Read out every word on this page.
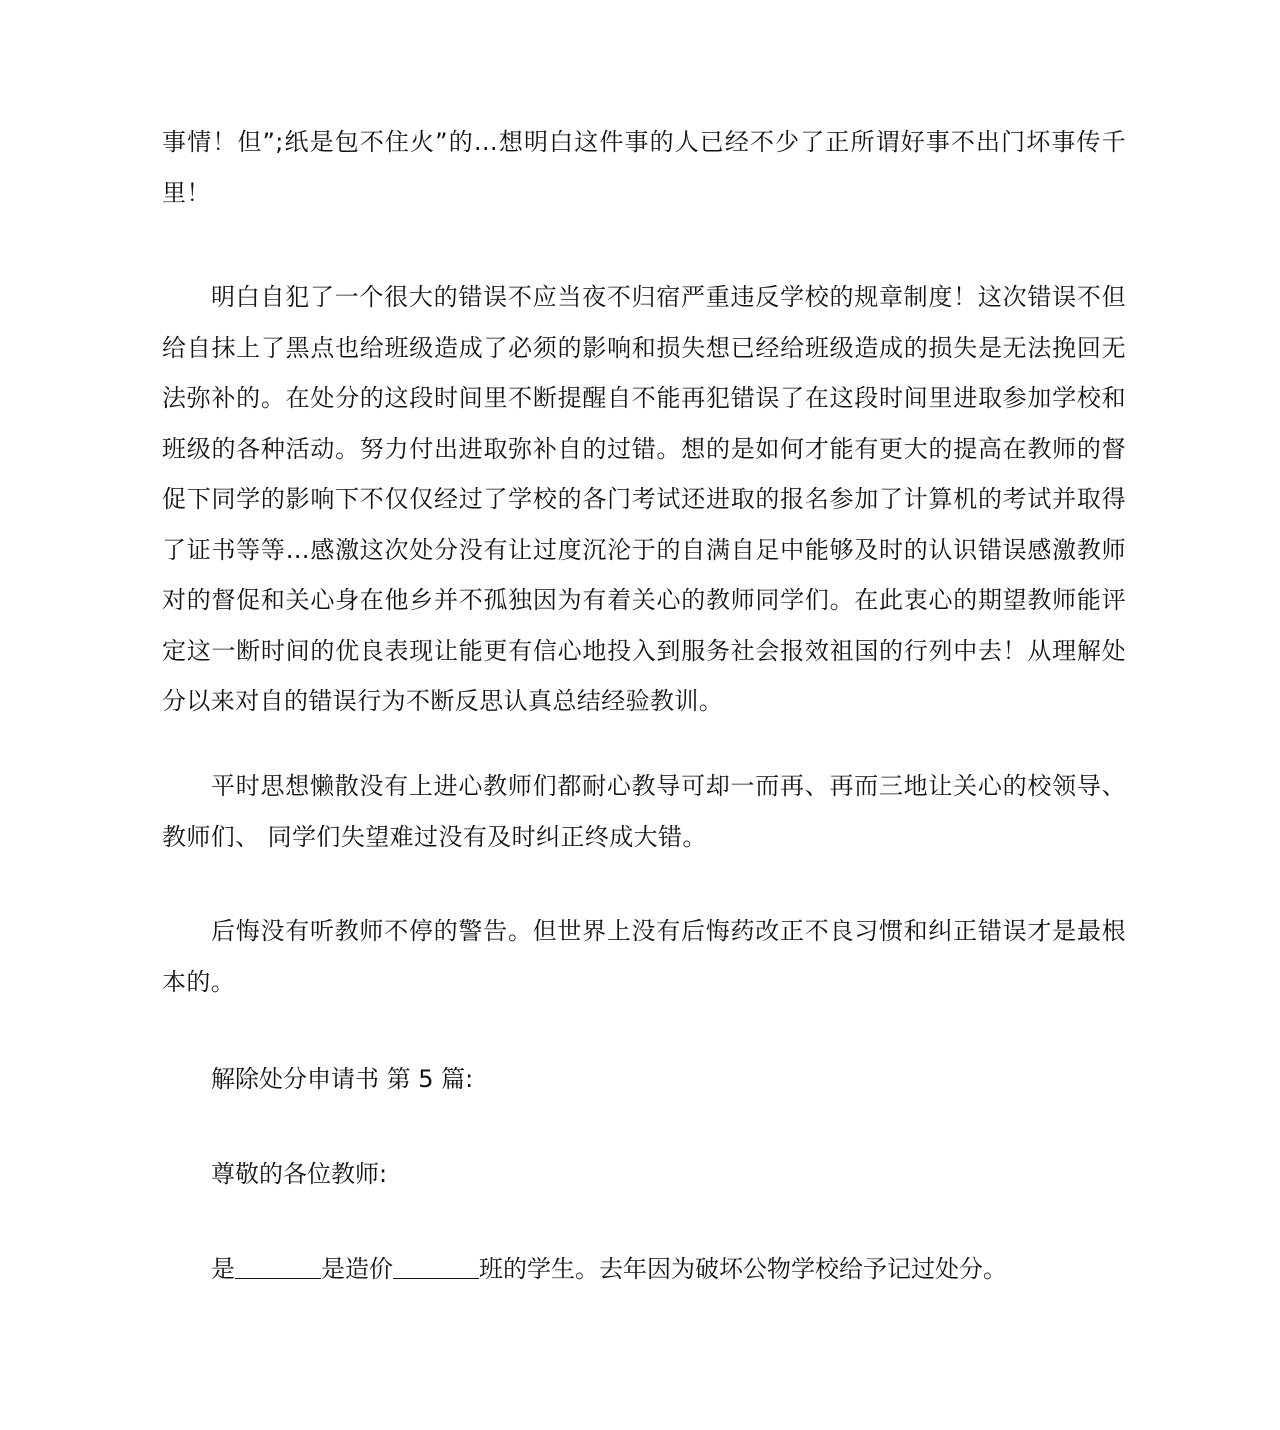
事情！但”;纸是包不住火”的…想明白这件事的人已经不少了正所谓好事不出门坏事传千里！

明白自犯了一个很大的错误不应当夜不归宿严重违反学校的规章制度！这次错误不但给自抹上了黑点也给班级造成了必须的影响和损失想已经给班级造成的损失是无法挽回无法弥补的。在处分的这段时间里不断提醒自不能再犯错误了在这段时间里进取参加学校和班级的各种活动。努力付出进取弥补自的过错。想的是如何才能有更大的提高在教师的督促下同学的影响下不仅仅经过了学校的各门考试还进取的报名参加了计算机的考试并取得了证书等等…感激这次处分没有让过度沉沦于的自满自足中能够及时的认识错误感激教师对的督促和关心身在他乡并不孤独因为有着关心的教师同学们。在此衷心的期望教师能评定这一断时间的优良表现让能更有信心地投入到服务社会报效祖国的行列中去！从理解处分以来对自的错误行为不断反思认真总结经验教训。

平时思想懒散没有上进心教师们都耐心教导可却一而再、再而三地让关心的校领导、教师们、 同学们失望难过没有及时纠正终成大错。

后悔没有听教师不停的警告。但世界上没有后悔药改正不良习惯和纠正错误才是最根本的。

解除处分申请书 第 5 篇:

尊敬的各位教师:

是	是造价	班的学生。去年因为破坏公物学校给予记过处分。
